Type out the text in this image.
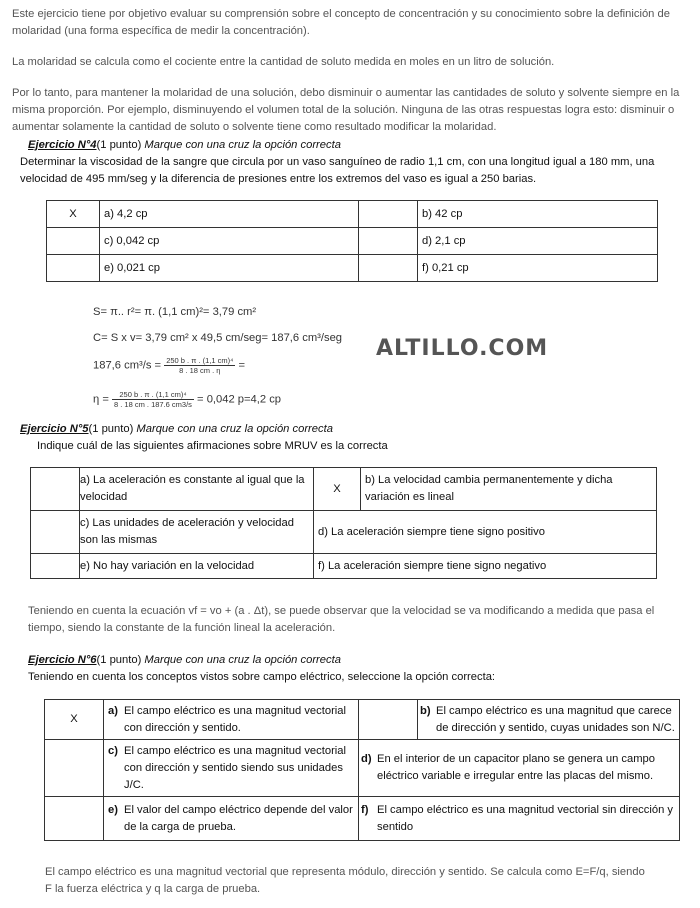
Este ejercicio tiene por objetivo evaluar su comprensión sobre el concepto de concentración y su conocimiento sobre la definición de molaridad (una forma específica de medir la concentración).

La molaridad se calcula como el cociente entre la cantidad de soluto medida en moles en un litro de solución.

Por lo tanto, para mantener la molaridad de una solución, debo disminuir o aumentar las cantidades de soluto y solvente siempre en la misma proporción. Por ejemplo, disminuyendo el volumen total de la solución. Ninguna de las otras respuestas logra esto: disminuir o aumentar solamente la cantidad de soluto o solvente tiene como resultado modificar la molaridad.

Ejercicio N°4(1 punto) Marque con una cruz la opción correcta
Determinar la viscosidad de la sangre que circula por un vaso sanguíneo de radio 1,1 cm, con una longitud igual a 180 mm, una velocidad de 495 mm/seg y la diferencia de presiones entre los extremos del vaso es igual a 250 barias.
X	a) 4,2 cp		b) 42 cp
	c) 0,042 cp		d) 2,1 cp
	e) 0,021 cp		f) 0,21 cp
S= π.. r²= π. (1,1 cm)²= 3,79 cm²
C= S x v= 3,79 cm² x 49,5 cm/seg= 187,6 cm³/seg
187,6 $cm^3/s = \frac{\text{250 b . π . (1,1 cm)⁴}}{8 . 18 cm . \eta}$ =
$\eta = \frac{\text{250 b . π . (1,1 cm)⁴}}{8 . 18 cm . 187.6 cm3/s} = 0,042$ p=4,2 cp
ALTILLO.COM
Ejercicio N°5(1 punto) Marque con una cruz la opción correcta
Indique cuál de las siguientes afirmaciones sobre MRUV es la correcta

	a) La aceleración es constante al igual que la velocidad	X	b) La velocidad cambia permanentemente y dicha variación es lineal
	c) Las unidades de aceleración y velocidad son las mismas	d) La aceleración siempre tiene signo positivo	
	e) No hay variación en la velocidad	f) La aceleración siempre tiene signo negativo	
Teniendo en cuenta la ecuación vf = vo + (a . Δt), se puede observar que la velocidad se va modificando a medida que pasa el tiempo, siendo la constante de la función lineal la aceleración.
Ejercicio N°6(1 punto) Marque con una cruz la opción correcta
Teniendo en cuenta los conceptos vistos sobre campo eléctrico, seleccione la opción correcta:
X	a) El campo eléctrico es una magnitud vectorial con dirección y sentido.		b) El campo eléctrico es una magnitud que carece de dirección y sentido, cuyas unidades son N/C.

	c) El campo eléctrico es una magnitud vectorial con dirección y sentido siendo sus unidades J/C.	d) En el interior de un capacitor plano se genera un campo eléctrico variable e irregular entre las placas del mismo.	

	e) El valor del campo eléctrico depende del valor de la carga de prueba.	f) El campo eléctrico es una magnitud vectorial sin dirección y sentido	
El campo eléctrico es una magnitud vectorial que representa módulo, dirección y sentido. Se calcula como E=F/q, siendo F la fuerza eléctrica y q la carga de prueba.
